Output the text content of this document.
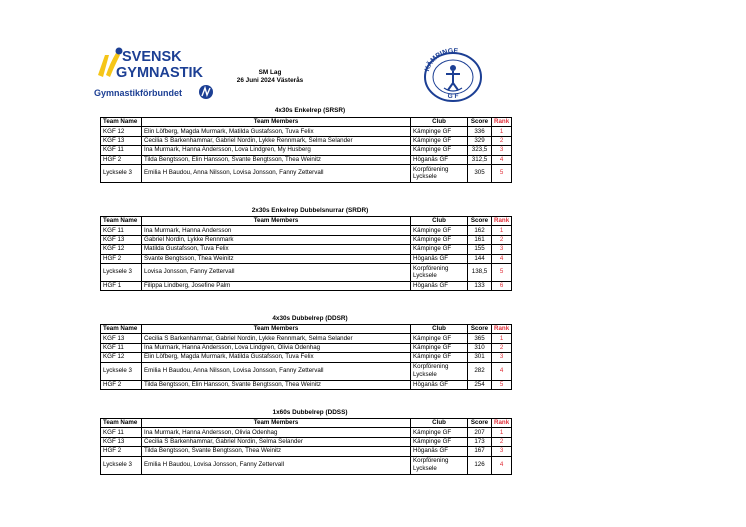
SVENSK
GYMNASTIK
Gymnastikförbundet
SM Lag
26 Juni 2024 Västerås
KÄMPINGE
G F
4x30s Enkelrep (SRSR)
2x30s Enkelrep Dubbelsnurrar (SRDR)
4x30s Dubbelrep (DDSR)
1x60s Dubbelrep (DDSS)
Team Name	Team Members	Club	Score	Rank
KGF 12	Elin Löfberg, Magda Murmark, Matilda Gustafsson, Tuva Felix	Kämpinge GF	336	1
KGF 13	Cecilia S Barkenhammar, Gabriel Nordin, Lykke Rennmark, Selma Selander	Kämpinge GF	329	2
KGF 11	Ina Murmark, Hanna Andersson, Lova Lindgren, My Husberg	Kämpinge GF	323,5	3
HGF 2	Tilda Bengtsson, Elin Hansson, Svante Bengtsson, Thea Weinitz	Höganäs GF	312,5	4
Lycksele 3	Emilia H Baudou, Anna Nilsson, Lovisa Jonsson, Fanny Zettervall	Korpförening Lycksele	305	5
Team Name	Team Members	Club	Score	Rank
KGF 11	Ina Murmark, Hanna Andersson	Kämpinge GF	162	1
KGF 13	Gabriel Nordin, Lykke Rennmark	Kämpinge GF	161	2
KGF 12	Matilda Gustafsson, Tuva Felix	Kämpinge GF	155	3
HGF 2	Svante Bengtsson, Thea Weinitz	Höganäs GF	144	4
Lycksele 3	Lovisa Jonsson, Fanny Zettervall	Korpförening Lycksele	138,5	5
HGF 1	Filippa Lindberg, Josefine Palm	Höganäs GF	133	6
Team Name	Team Members	Club	Score	Rank
KGF 13	Cecilia S Barkenhammar, Gabriel Nordin, Lykke Rennmark, Selma Selander	Kämpinge GF	365	1
KGF 11	Ina Murmark, Hanna Andersson, Lova Lindgren, Olivia Odenhag	Kämpinge GF	310	2
KGF 12	Elin Löfberg, Magda Murmark, Matilda Gustafsson, Tuva Felix	Kämpinge GF	301	3
Lycksele 3	Emilia H Baudou, Anna Nilsson, Lovisa Jonsson, Fanny Zettervall	Korpförening Lycksele	282	4
HGF 2	Tilda Bengtsson, Elin Hansson, Svante Bengtsson, Thea Weinitz	Höganäs GF	254	5
Team Name	Team Members	Club	Score	Rank
KGF 11	Ina Murmark, Hanna Andersson, Olivia Odenhag	Kämpinge GF	207	1
KGF 13	Cecilia S Barkenhammar, Gabriel Nordin, Selma Selander	Kämpinge GF	173	2
HGF 2	Tilda Bengtsson, Svante Bengtsson, Thea Weinitz	Höganäs GF	167	3
Lycksele 3	Emilia H Baudou, Lovisa Jonsson, Fanny Zettervall	Korpförening Lycksele	126	4
